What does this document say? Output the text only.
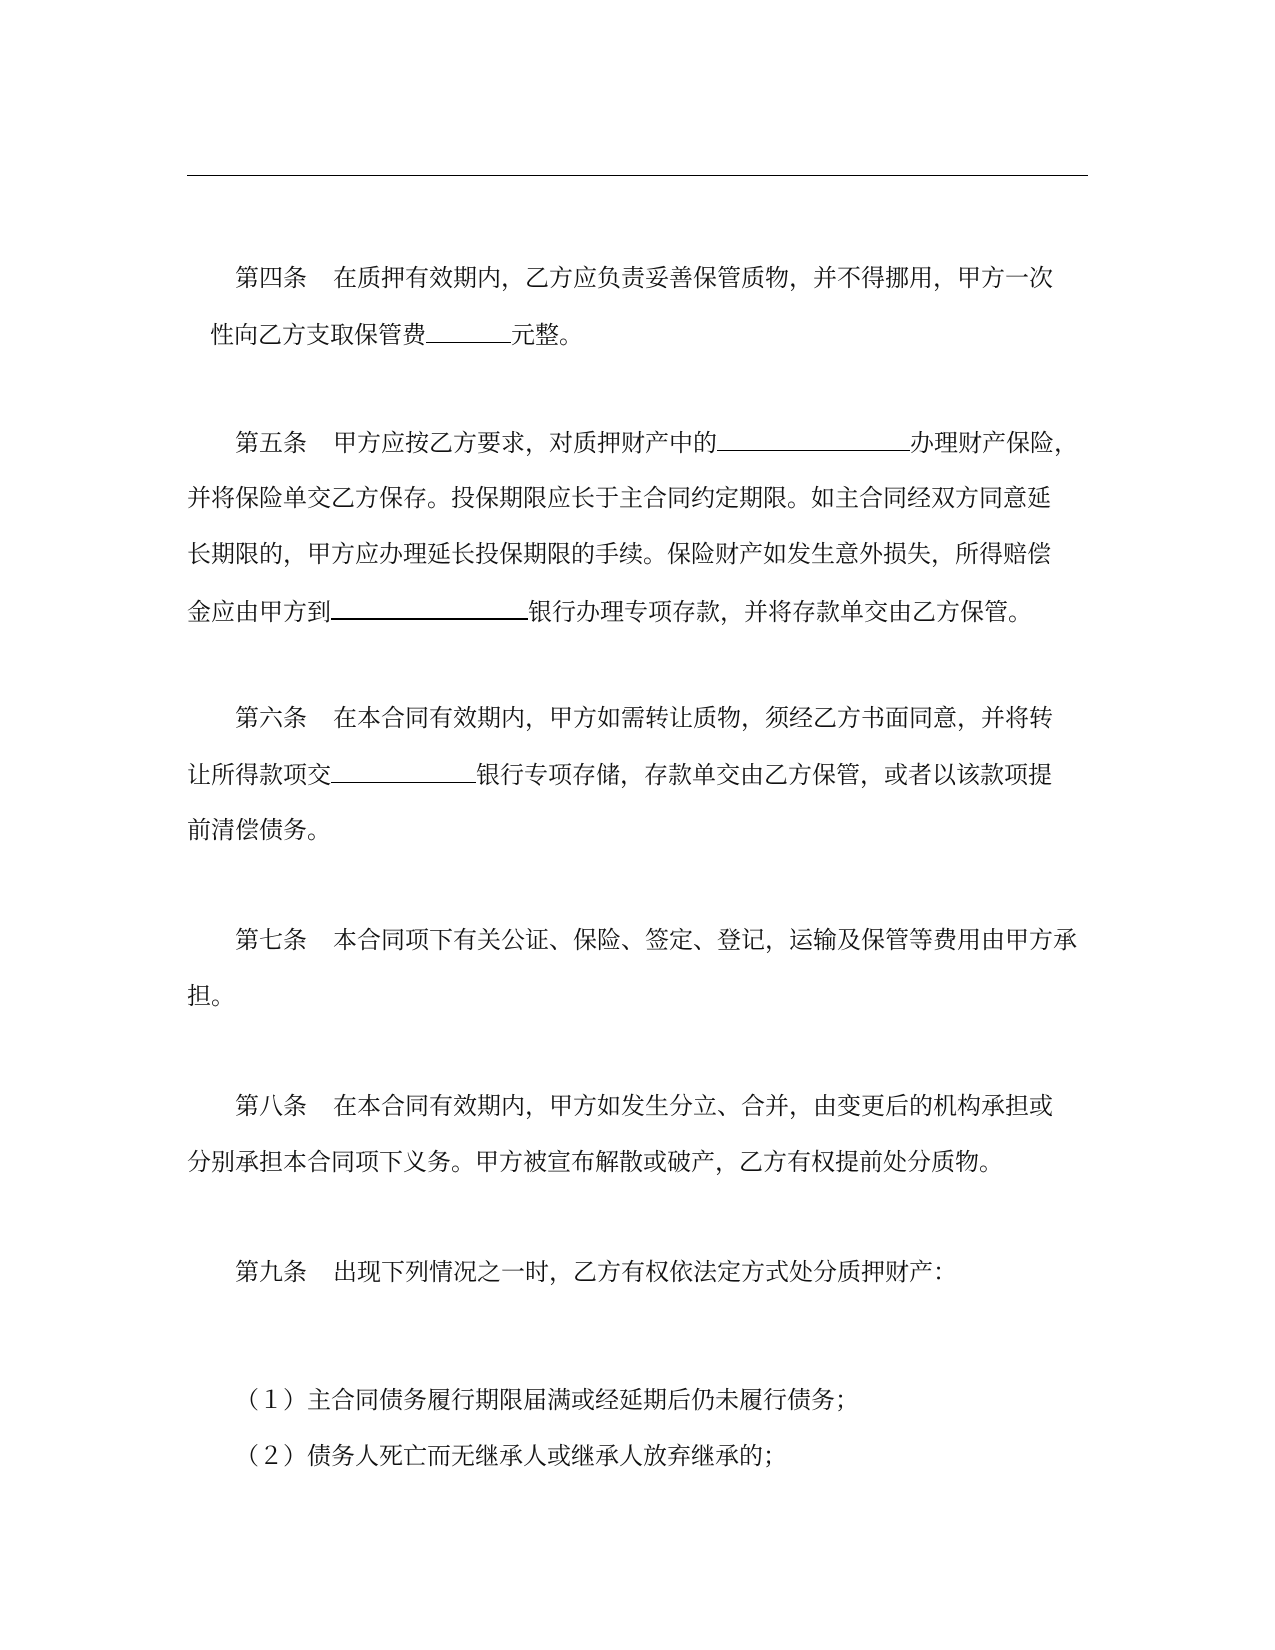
第四条 在质押有效期内，乙方应负责妥善保管质物，并不得挪用，甲方一次
性向乙方支取保管费	元整。
第五条 甲方应按乙方要求，对质押财产中的	办理财产保险，
并将保险单交乙方保存。投保期限应长于主合同约定期限。如主合同经双方同意延
长期限的，甲方应办理延长投保期限的手续。保险财产如发生意外损失，所得赔偿
金应由甲方到	银行办理专项存款，并将存款单交由乙方保管。
第六条 在本合同有效期内，甲方如需转让质物，须经乙方书面同意，并将转
让所得款项交	银行专项存储，存款单交由乙方保管，或者以该款项提
前清偿债务。
第七条 本合同项下有关公证、保险、签定、登记，运输及保管等费用由甲方承
担。
第八条 在本合同有效期内，甲方如发生分立、合并，由变更后的机构承担或
分别承担本合同项下义务。甲方被宣布解散或破产，乙方有权提前处分质物。
第九条 出现下列情况之一时，乙方有权依法定方式处分质押财产：
（１）主合同债务履行期限届满或经延期后仍未履行债务；
（２）债务人死亡而无继承人或继承人放弃继承的；
